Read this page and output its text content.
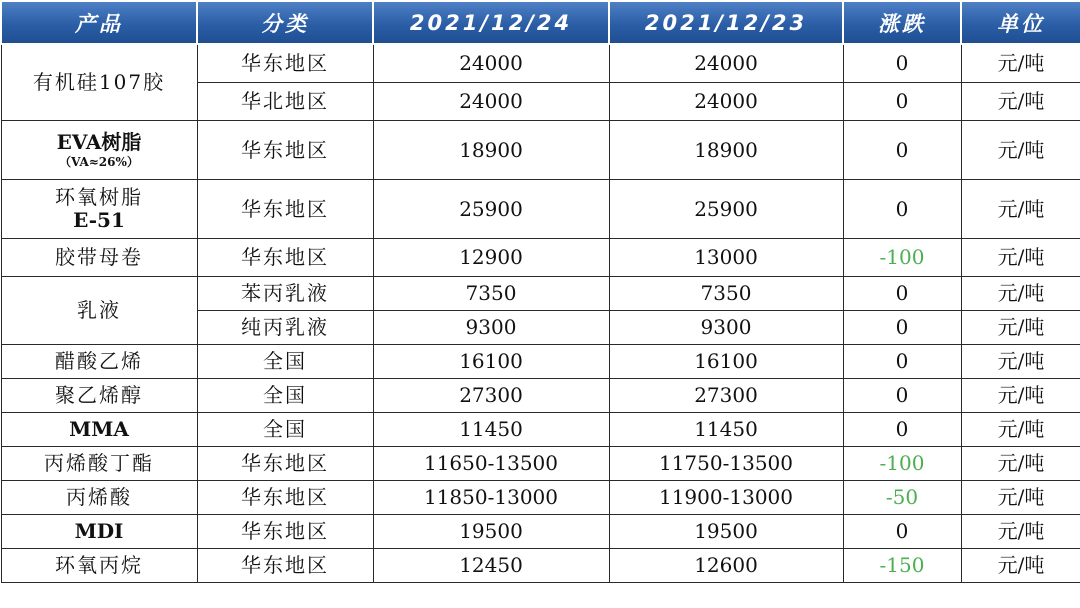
产品	分类	2021/12/24	2021/12/23	涨跌	单位
有机硅107胶	华东地区	24000	24000	0	元/吨
	华北地区	24000	24000	0	元/吨

EVA树脂
（VA≈26%）	华东地区	18900	18900	0	元/吨

环氧树脂
E-51	华东地区	25900	25900	0	元/吨
胶带母卷	华东地区	12900	13000	-100	元/吨
乳液	苯丙乳液	7350	7350	0	元/吨
	纯丙乳液	9300	9300	0	元/吨
醋酸乙烯	全国	16100	16100	0	元/吨
聚乙烯醇	全国	27300	27300	0	元/吨
MMA	全国	11450	11450	0	元/吨
丙烯酸丁酯	华东地区	11650-13500	11750-13500	-100	元/吨
丙烯酸	华东地区	11850-13000	11900-13000	-50	元/吨
MDI	华东地区	19500	19500	0	元/吨
环氧丙烷	华东地区	12450	12600	-150	元/吨
